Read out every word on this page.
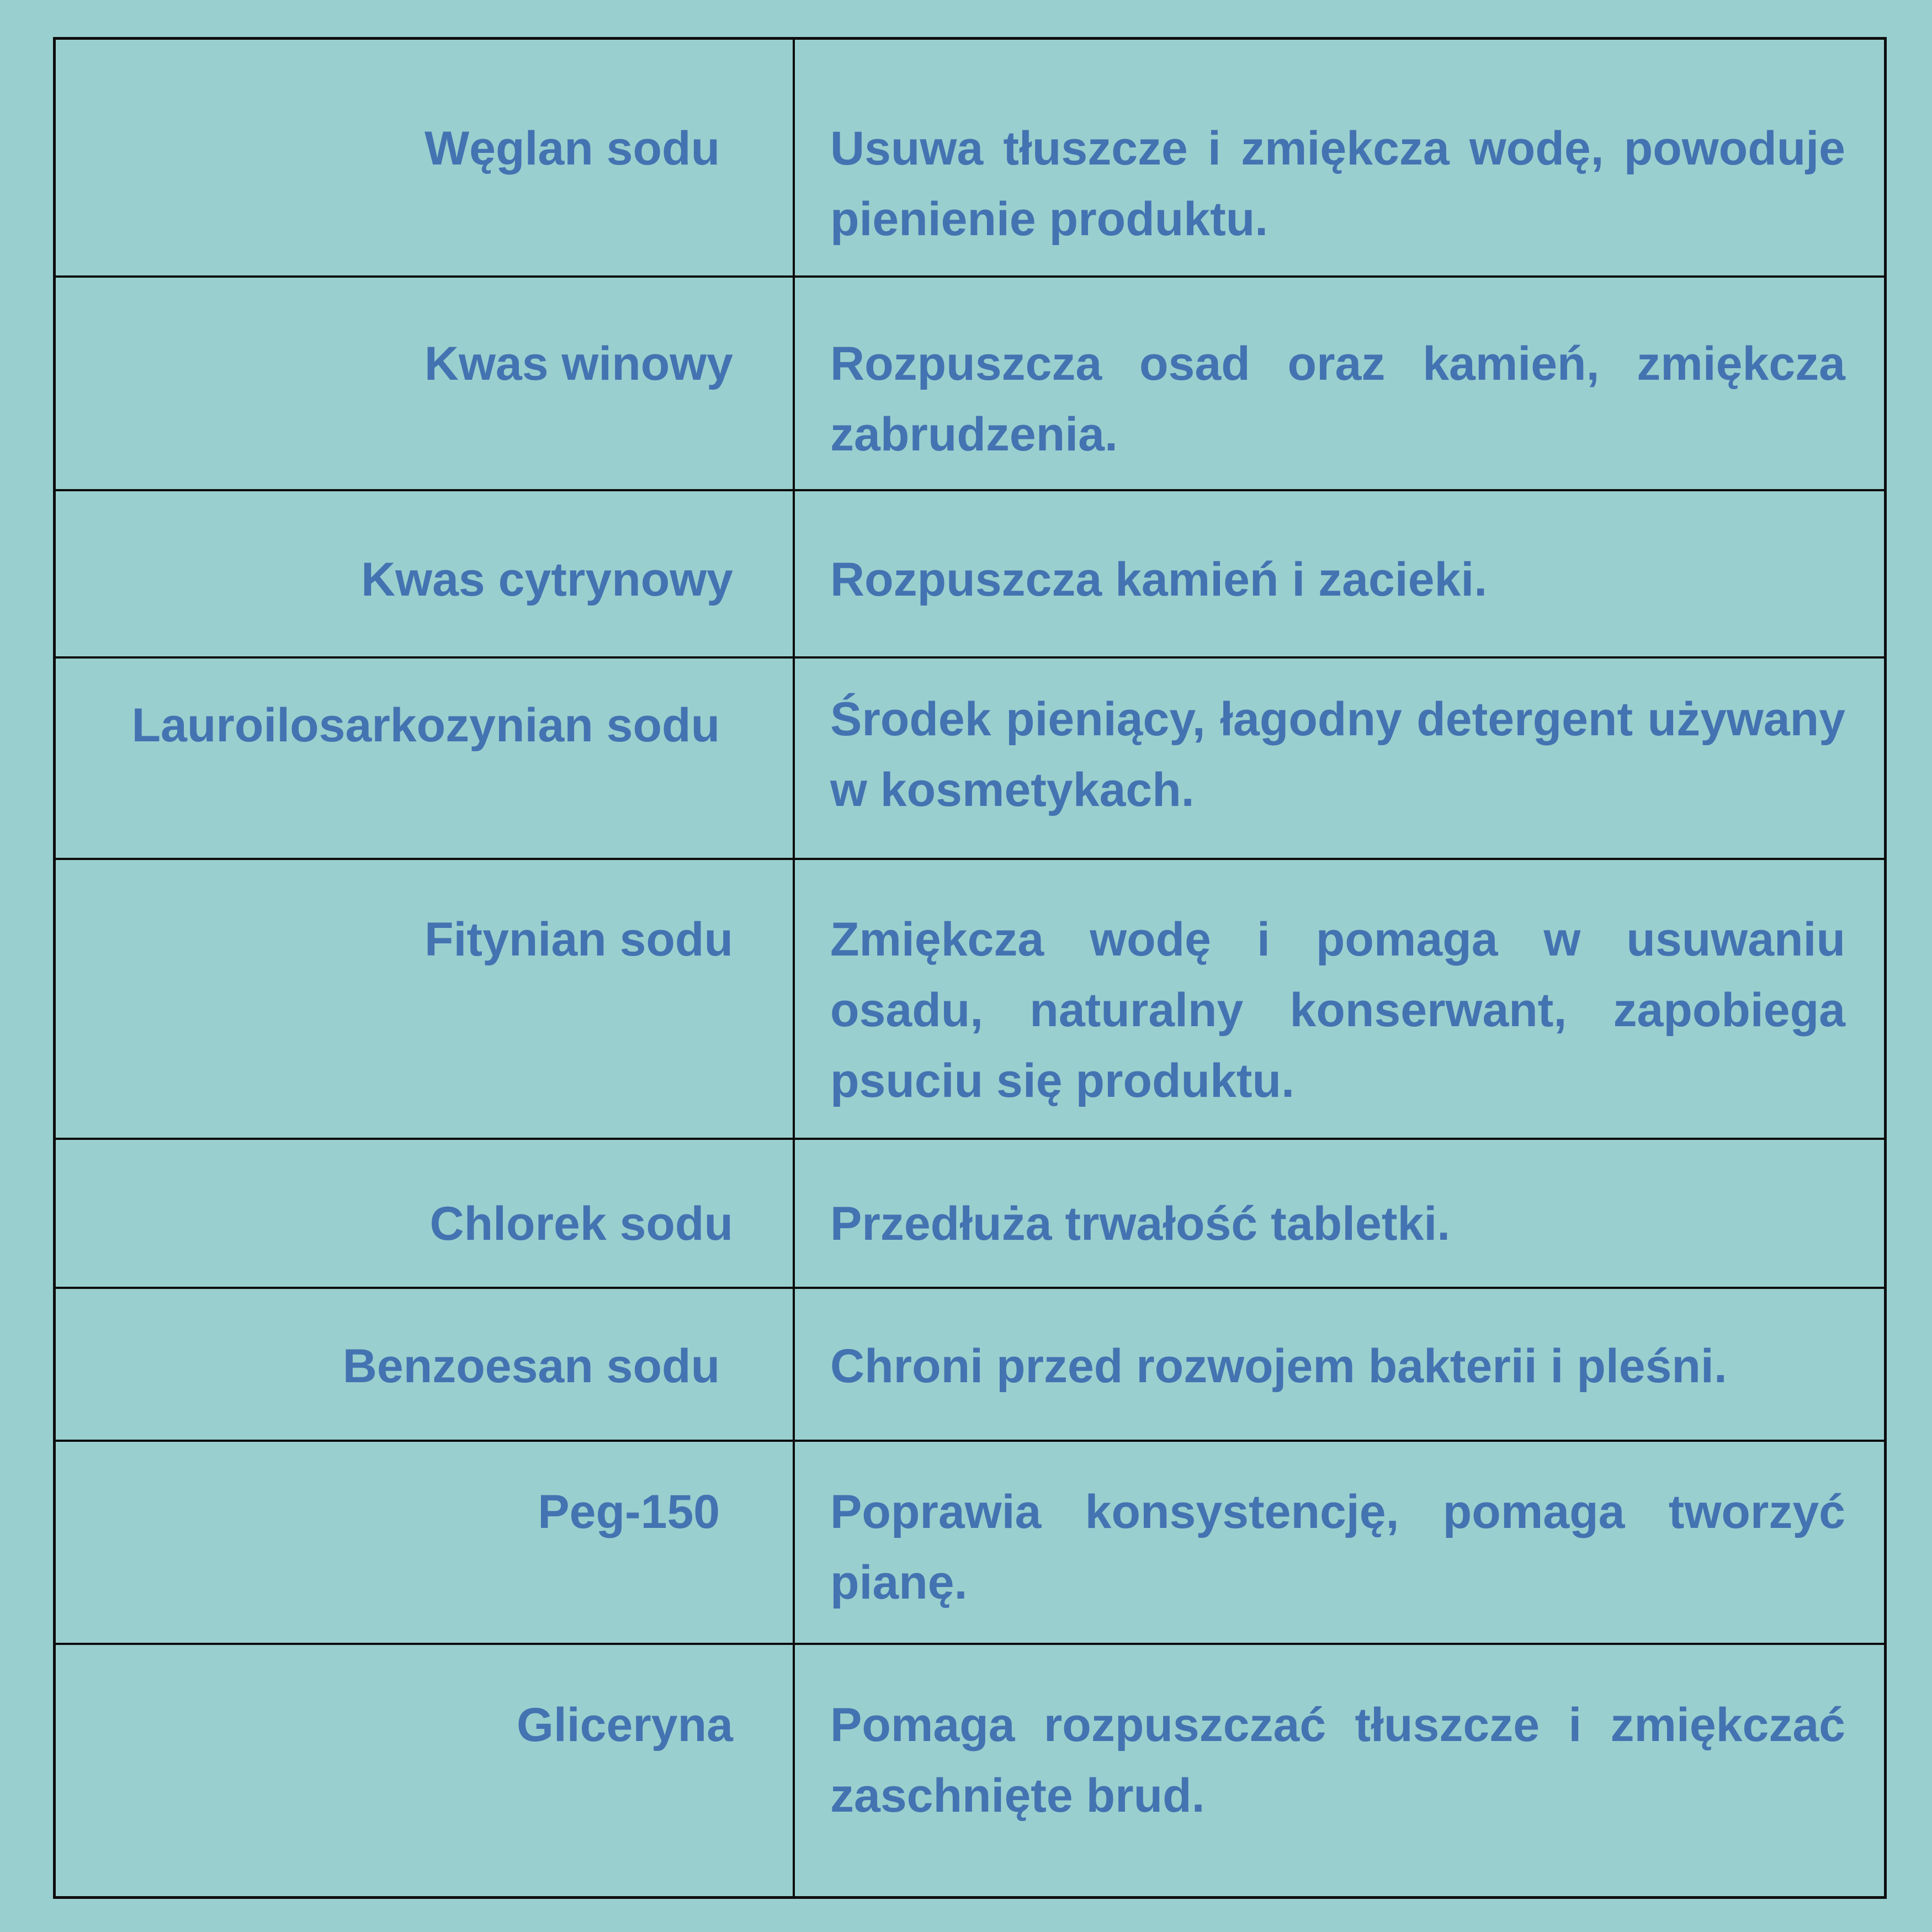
Węglan sodu	Usuwa tłuszcze i zmiękcza wodę, powoduje pienienie produktu.
Kwas winowy	Rozpuszcza osad oraz kamień, zmiękcza zabrudzenia.
Kwas cytrynowy	Rozpuszcza kamień i zacieki.
Lauroilosarkozynian sodu	Środek pieniący, łagodny detergent używany w kosmetykach.
Fitynian sodu	Zmiękcza wodę i pomaga w usuwaniu osadu, naturalny konserwant, zapobiega psuciu się produktu.
Chlorek sodu	Przedłuża trwałość tabletki.
Benzoesan sodu	Chroni przed rozwojem bakterii i pleśni.
Peg-150	Poprawia konsystencję, pomaga tworzyć pianę.
Gliceryna	Pomaga rozpuszczać tłuszcze i zmiękczać zaschnięte brud.
